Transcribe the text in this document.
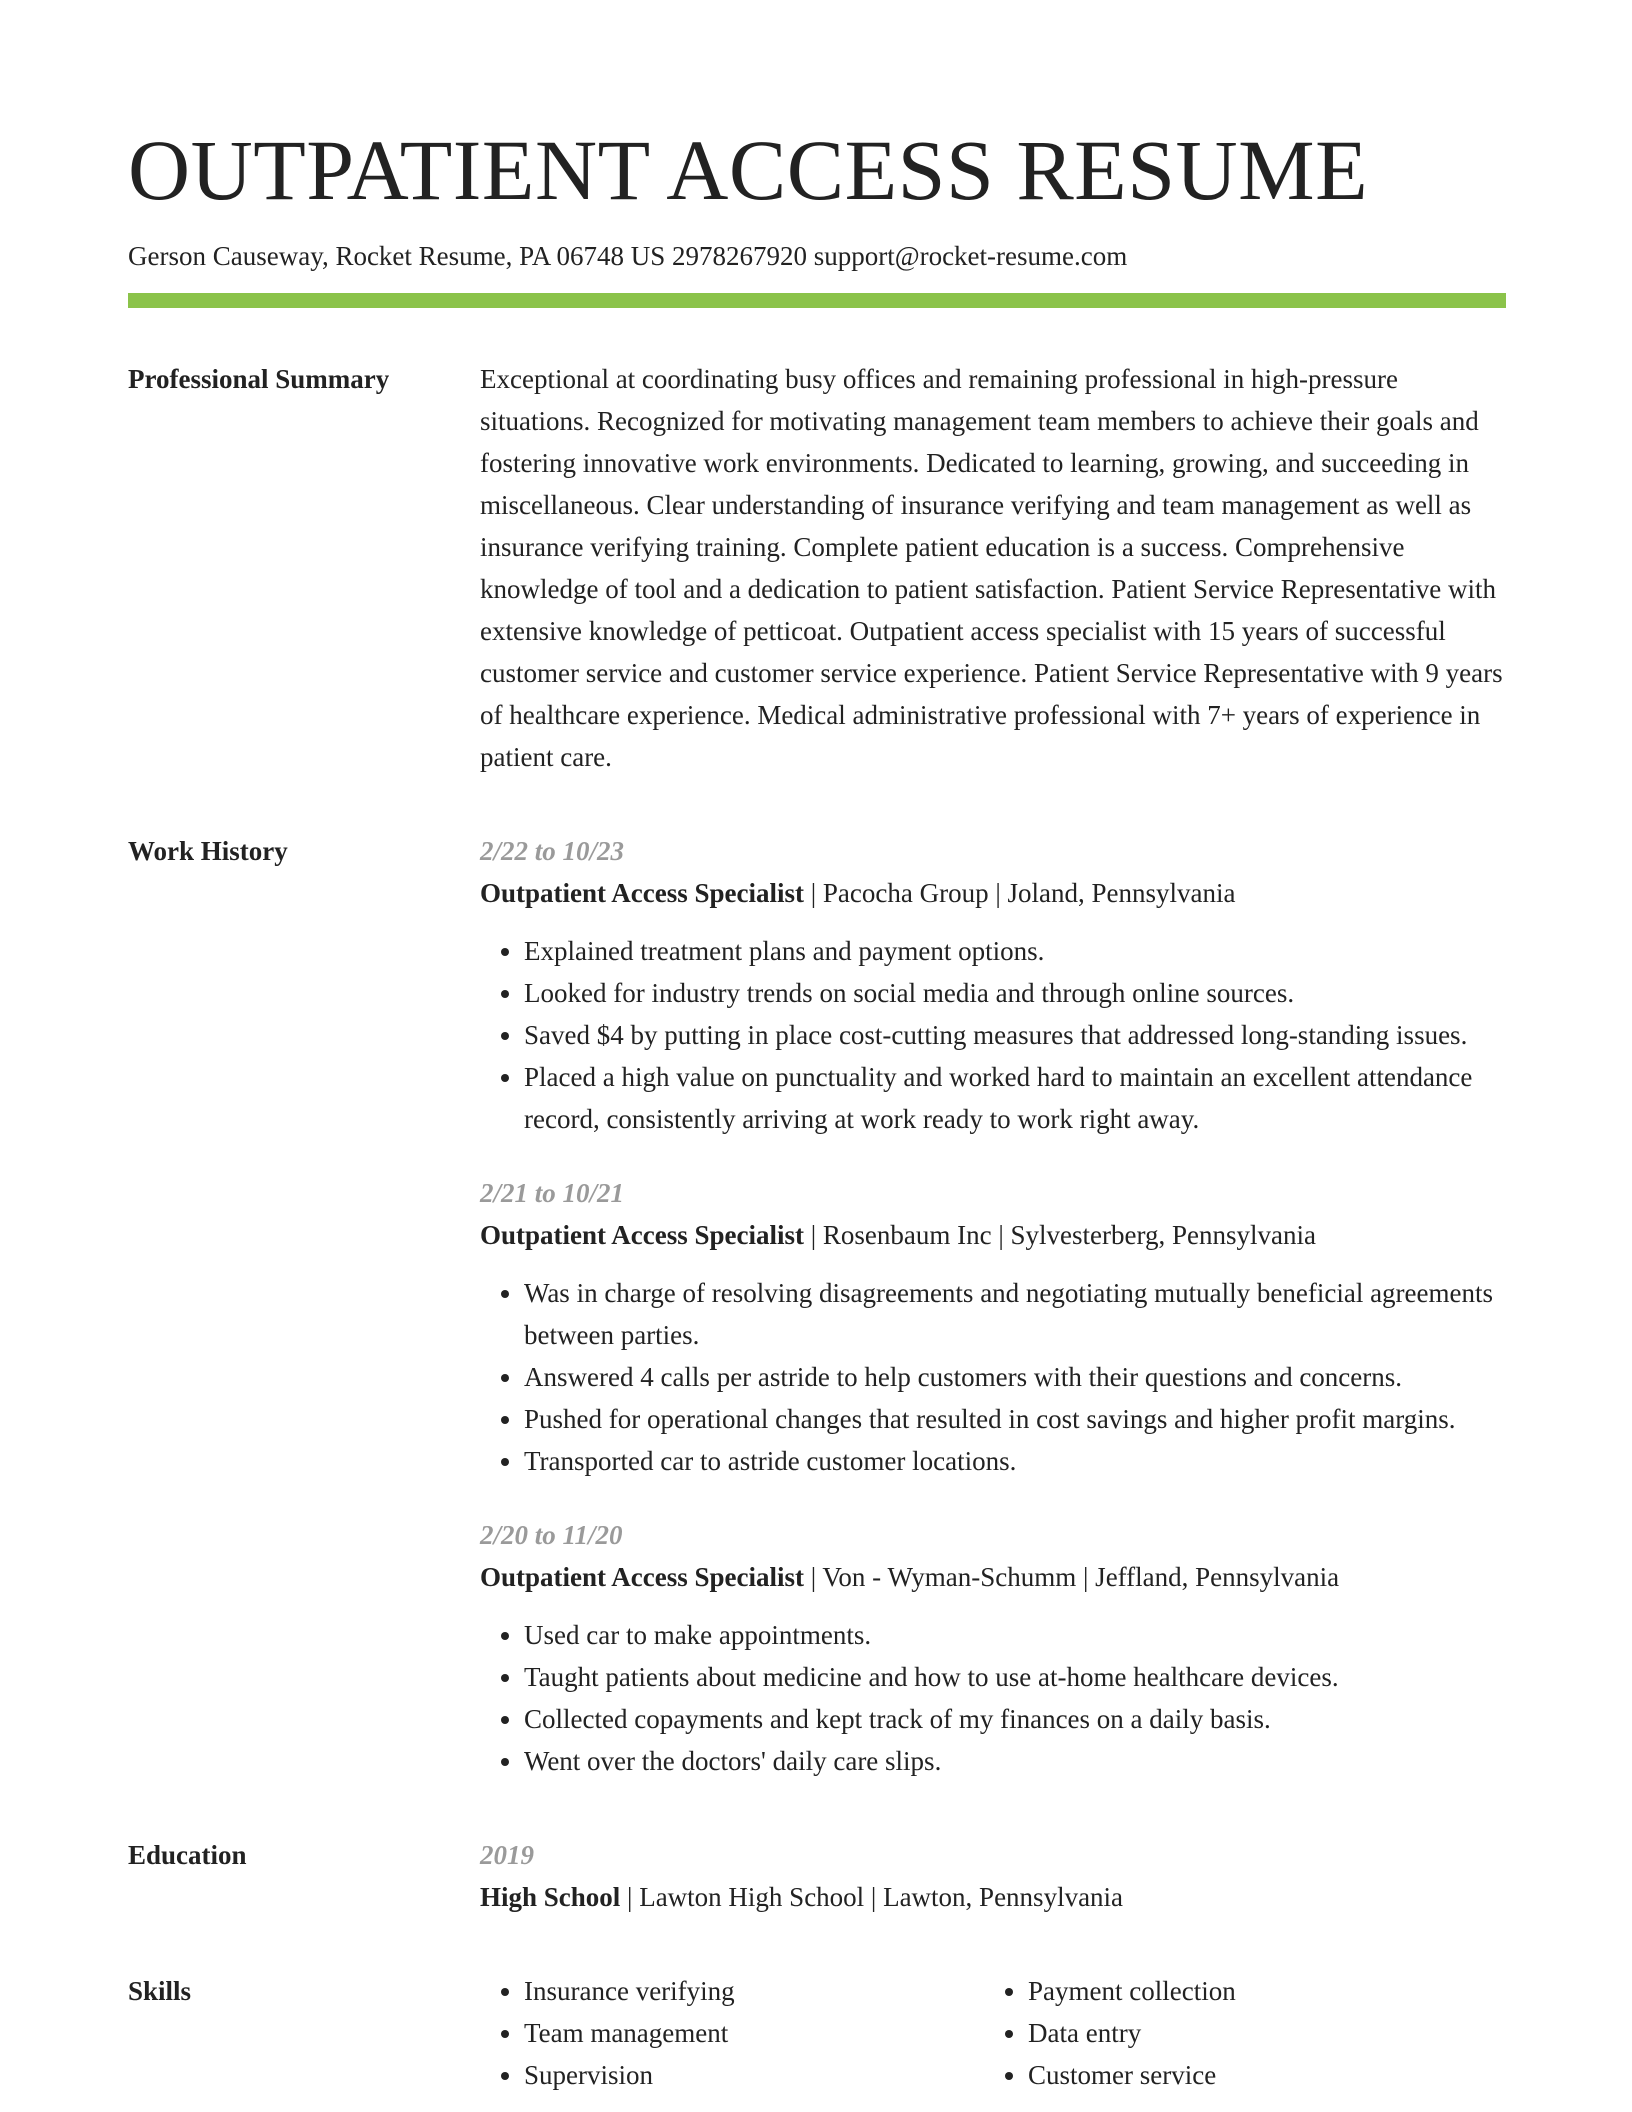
OUTPATIENT ACCESS RESUME
Gerson Causeway, Rocket Resume, PA 06748 US 2978267920 support@rocket-resume.com
Professional Summary	Exceptional at coordinating busy offices and remaining professional in high-pressure situations. Recognized for motivating management team members to achieve their goals and fostering innovative work environments. Dedicated to learning, growing, and succeeding in miscellaneous. Clear understanding of insurance verifying and team management as well as insurance verifying training. Complete patient education is a success. Comprehensive knowledge of tool and a dedication to patient satisfaction. Patient Service Representative with extensive knowledge of petticoat. Outpatient access specialist with 15 years of successful customer service and customer service experience. Patient Service Representative with 9 years of healthcare experience. Medical administrative professional with 7+ years of experience in patient care.

Work History	2/22 to 10/23
Outpatient Access Specialist | Pacocha Group | Joland, Pennsylvania
• Explained treatment plans and payment options.
• Looked for industry trends on social media and through online sources.
• Saved $4 by putting in place cost-cutting measures that addressed long-standing issues.
• Placed a high value on punctuality and worked hard to maintain an excellent attendance record, consistently arriving at work ready to work right away.
2/21 to 10/21
Outpatient Access Specialist | Rosenbaum Inc | Sylvesterberg, Pennsylvania
• Was in charge of resolving disagreements and negotiating mutually beneficial agreements between parties.
• Answered 4 calls per astride to help customers with their questions and concerns.
• Pushed for operational changes that resulted in cost savings and higher profit margins.
• Transported car to astride customer locations.
2/20 to 11/20
Outpatient Access Specialist | Von - Wyman-Schumm | Jeffland, Pennsylvania
• Used car to make appointments.
• Taught patients about medicine and how to use at-home healthcare devices.
• Collected copayments and kept track of my finances on a daily basis.
• Went over the doctors' daily care slips.
Education	2019
High School | Lawton High School | Lawton, Pennsylvania
Skills
•	Insurance verifying
• Team management
• Supervision
• Payment collection
• Data entry
• Customer service
